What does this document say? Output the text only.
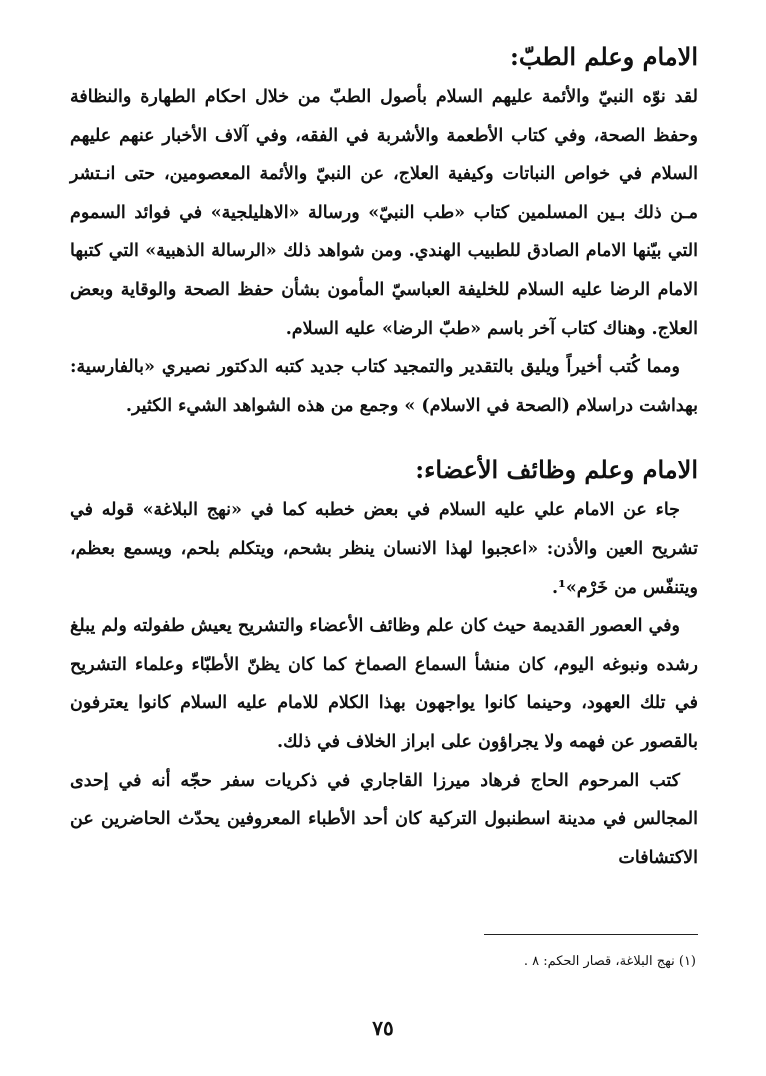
الامام وعلم الطبّ:

لقد نوّه النبيّ والأئمة عليهم السلام بأصول الطبّ من خلال احكام الطهارة والنظافة وحفظ الصحة، وفي كتاب الأطعمة والأشربة في الفقه، وفي آلاف الأخبار عنهم عليهم السلام في خواص النباتات وكيفية العلاج، عن النبيّ والأئمة المعصومين، حتى انـتشر مـن ذلك بـين المسلمين كتاب «طب النبيّ» ورسالة «الاهليلجية» في فوائد السموم التي بيّنها الامام الصادق للطبيب الهندي. ومن شواهد ذلك «الرسالة الذهبية» التي كتبها الامام الرضا عليه السلام للخليفة العباسيّ المأمون بشأن حفظ الصحة والوقاية وبعض العلاج. وهناك كتاب آخر باسم «طبّ الرضا» عليه السلام.

ومما كُتب أخيراً ويليق بالتقدير والتمجيد كتاب جديد كتبه الدكتور نصيري «بالفارسية: بهداشت دراسلام (الصحة في الاسلام) » وجمع من هذه الشواهد الشيء الكثير.

الامام وعلم وظائف الأعضاء:

جاء عن الامام علي عليه السلام في بعض خطبه كما في «نهج البلاغة» قوله في تشريح العين والأذن: «اعجبوا لهذا الانسان ينظر بشحم، ويتكلم بلحم، ويسمع بعظم، ويتنفّس من خَرْم»¹.

وفي العصور القديمة حيث كان علم وظائف الأعضاء والتشريح يعيش طفولته ولم يبلغ رشده ونبوغه اليوم، كان منشأ السماع الصماخ كما كان يظنّ الأطبّاء وعلماء التشريح في تلك العهود، وحينما كانوا يواجهون بهذا الكلام للامام عليه السلام كانوا يعترفون بالقصور عن فهمه ولا يجراؤون على ابراز الخلاف في ذلك.

كتب المرحوم الحاج فرهاد ميرزا القاجاري في ذكريات سفر حجّه أنه في إحدى المجالس في مدينة اسطنبول التركية كان أحد الأطباء المعروفين يحدّث الحاضرين عن الاكتشافات

(١) نهج البلاغة، قصار الحكم: ٨ .
٧٥
